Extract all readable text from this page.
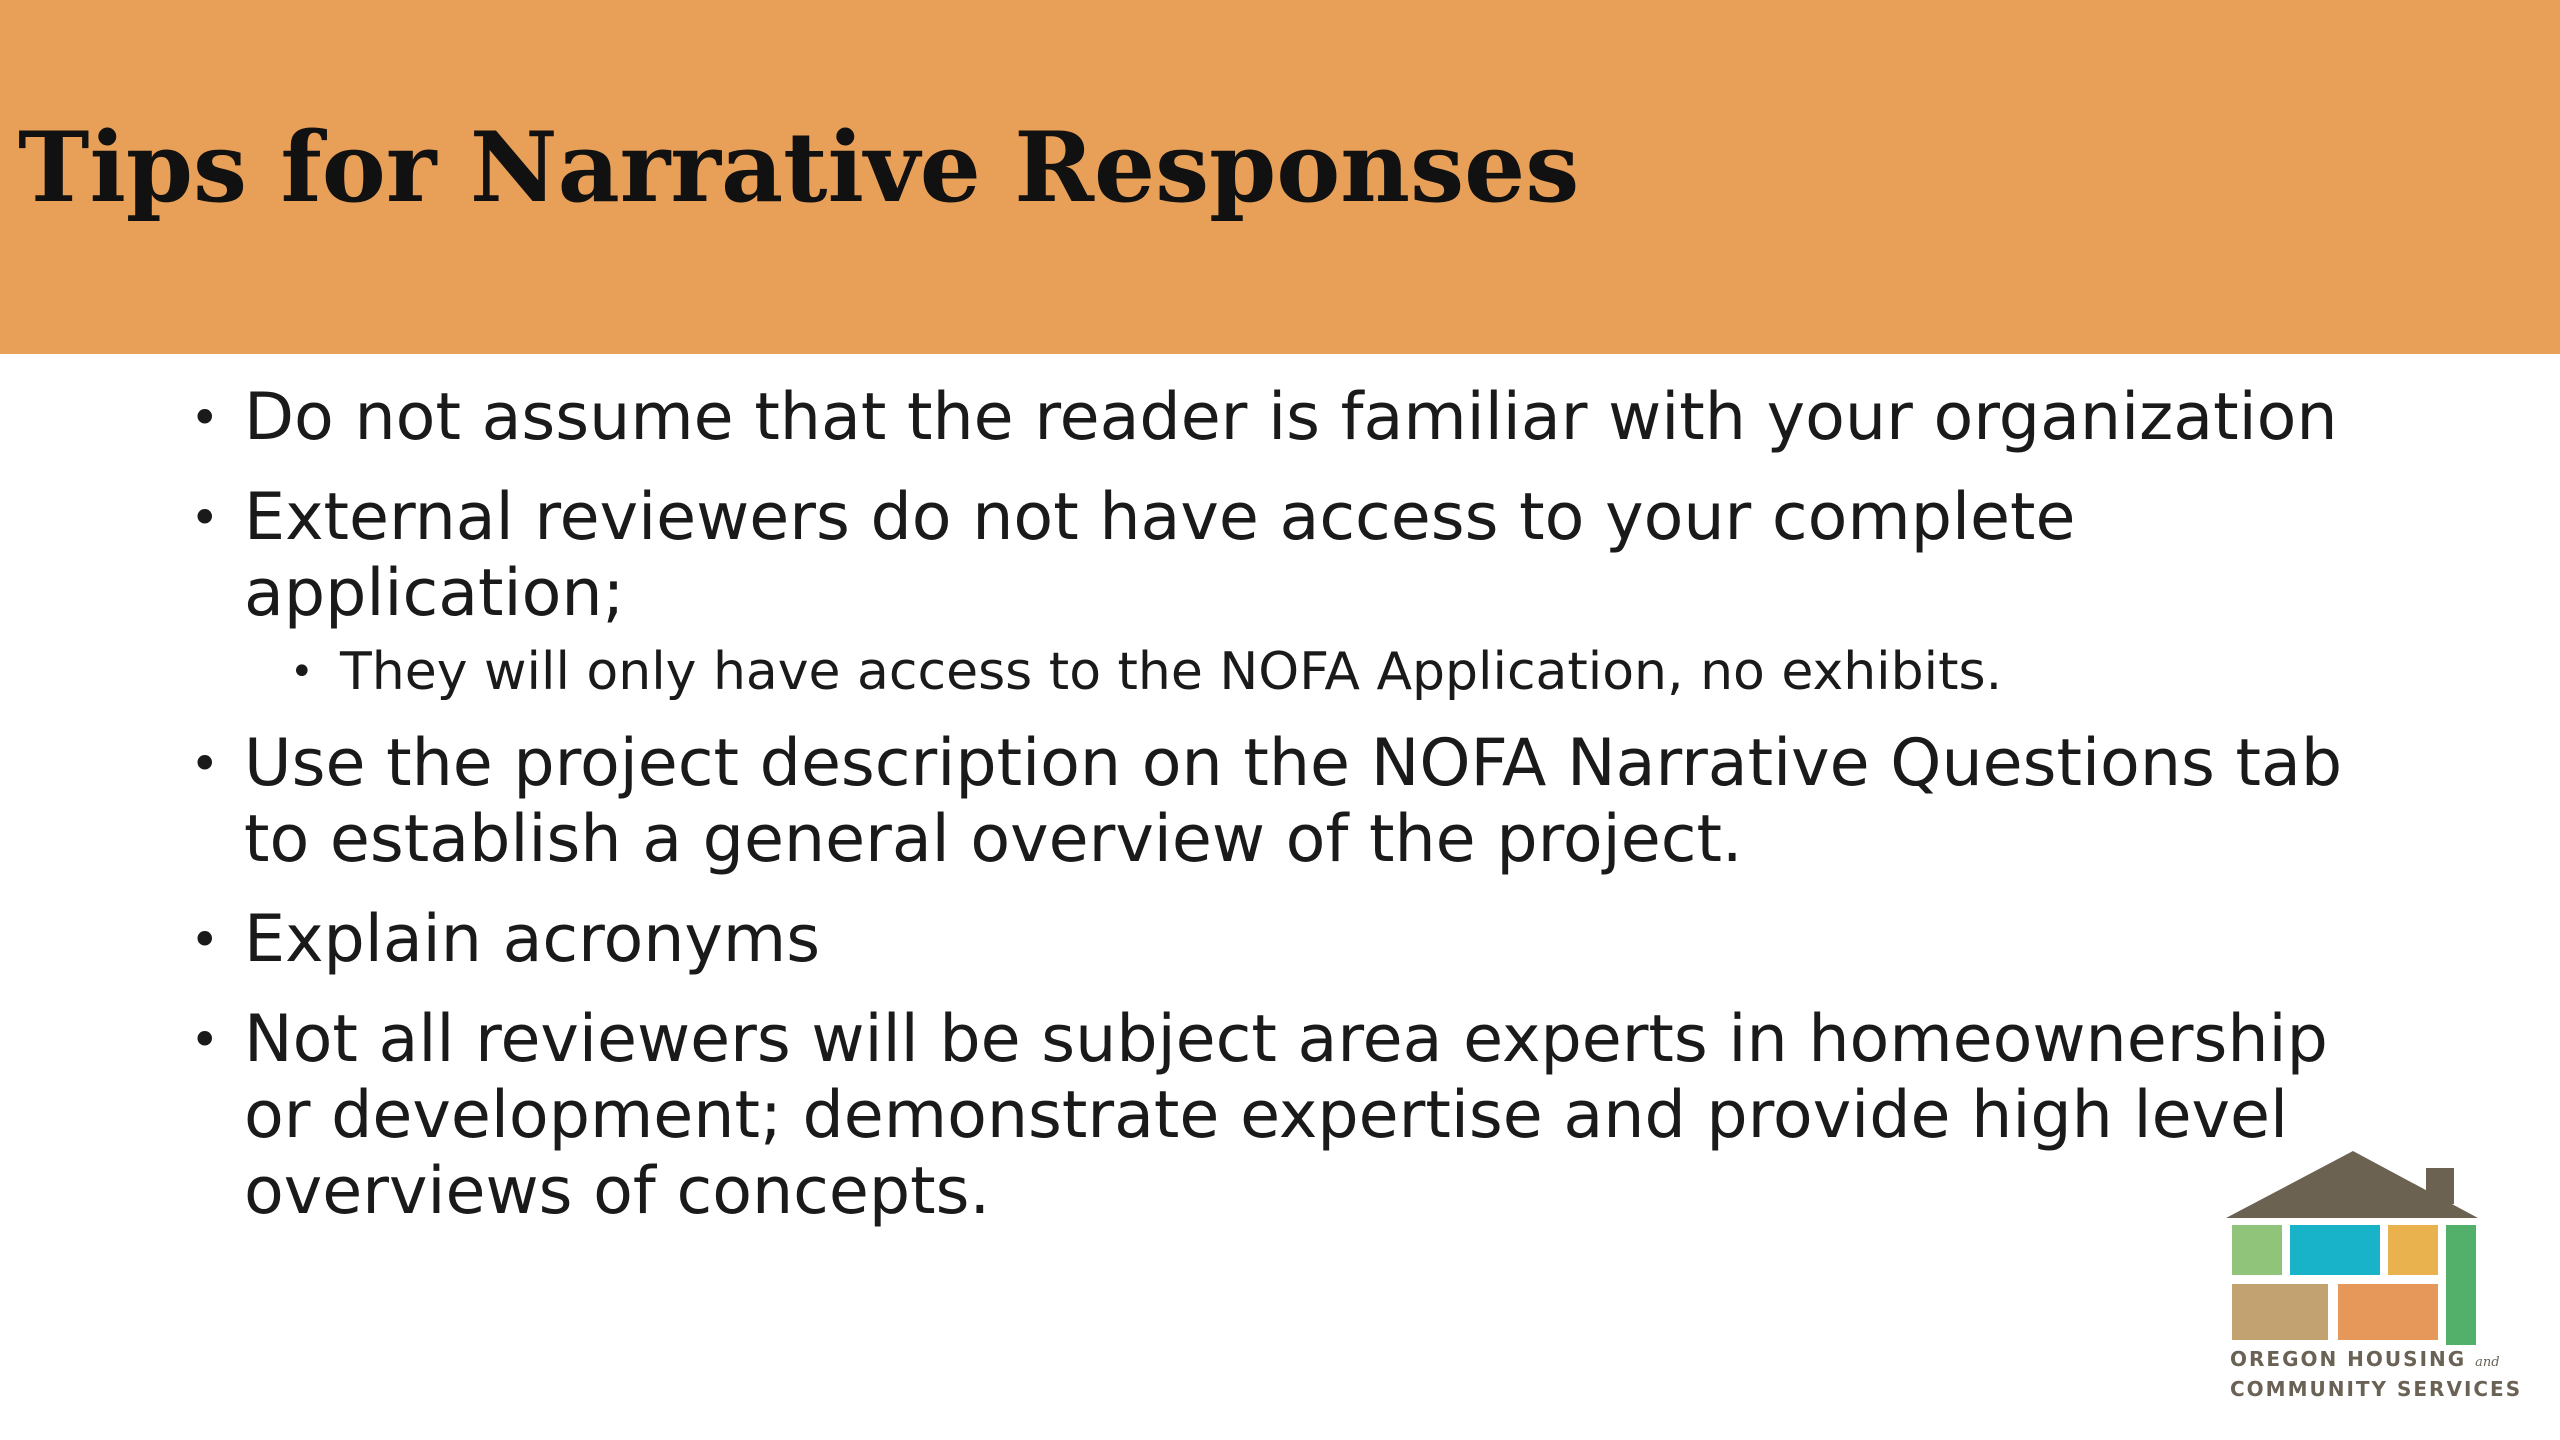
Tips for Narrative Responses
• Do not assume that the reader is familiar with your organization
• External reviewers do not have access to your complete application;
• They will only have access to the NOFA Application, no exhibits.
• Use the project description on the NOFA Narrative Questions tab to establish a general overview of the project.
• Explain acronyms
• Not all reviewers will be subject area experts in homeownership or development; demonstrate expertise and provide high level overviews of concepts.
OREGON HOUSING and
COMMUNITY SERVICES
